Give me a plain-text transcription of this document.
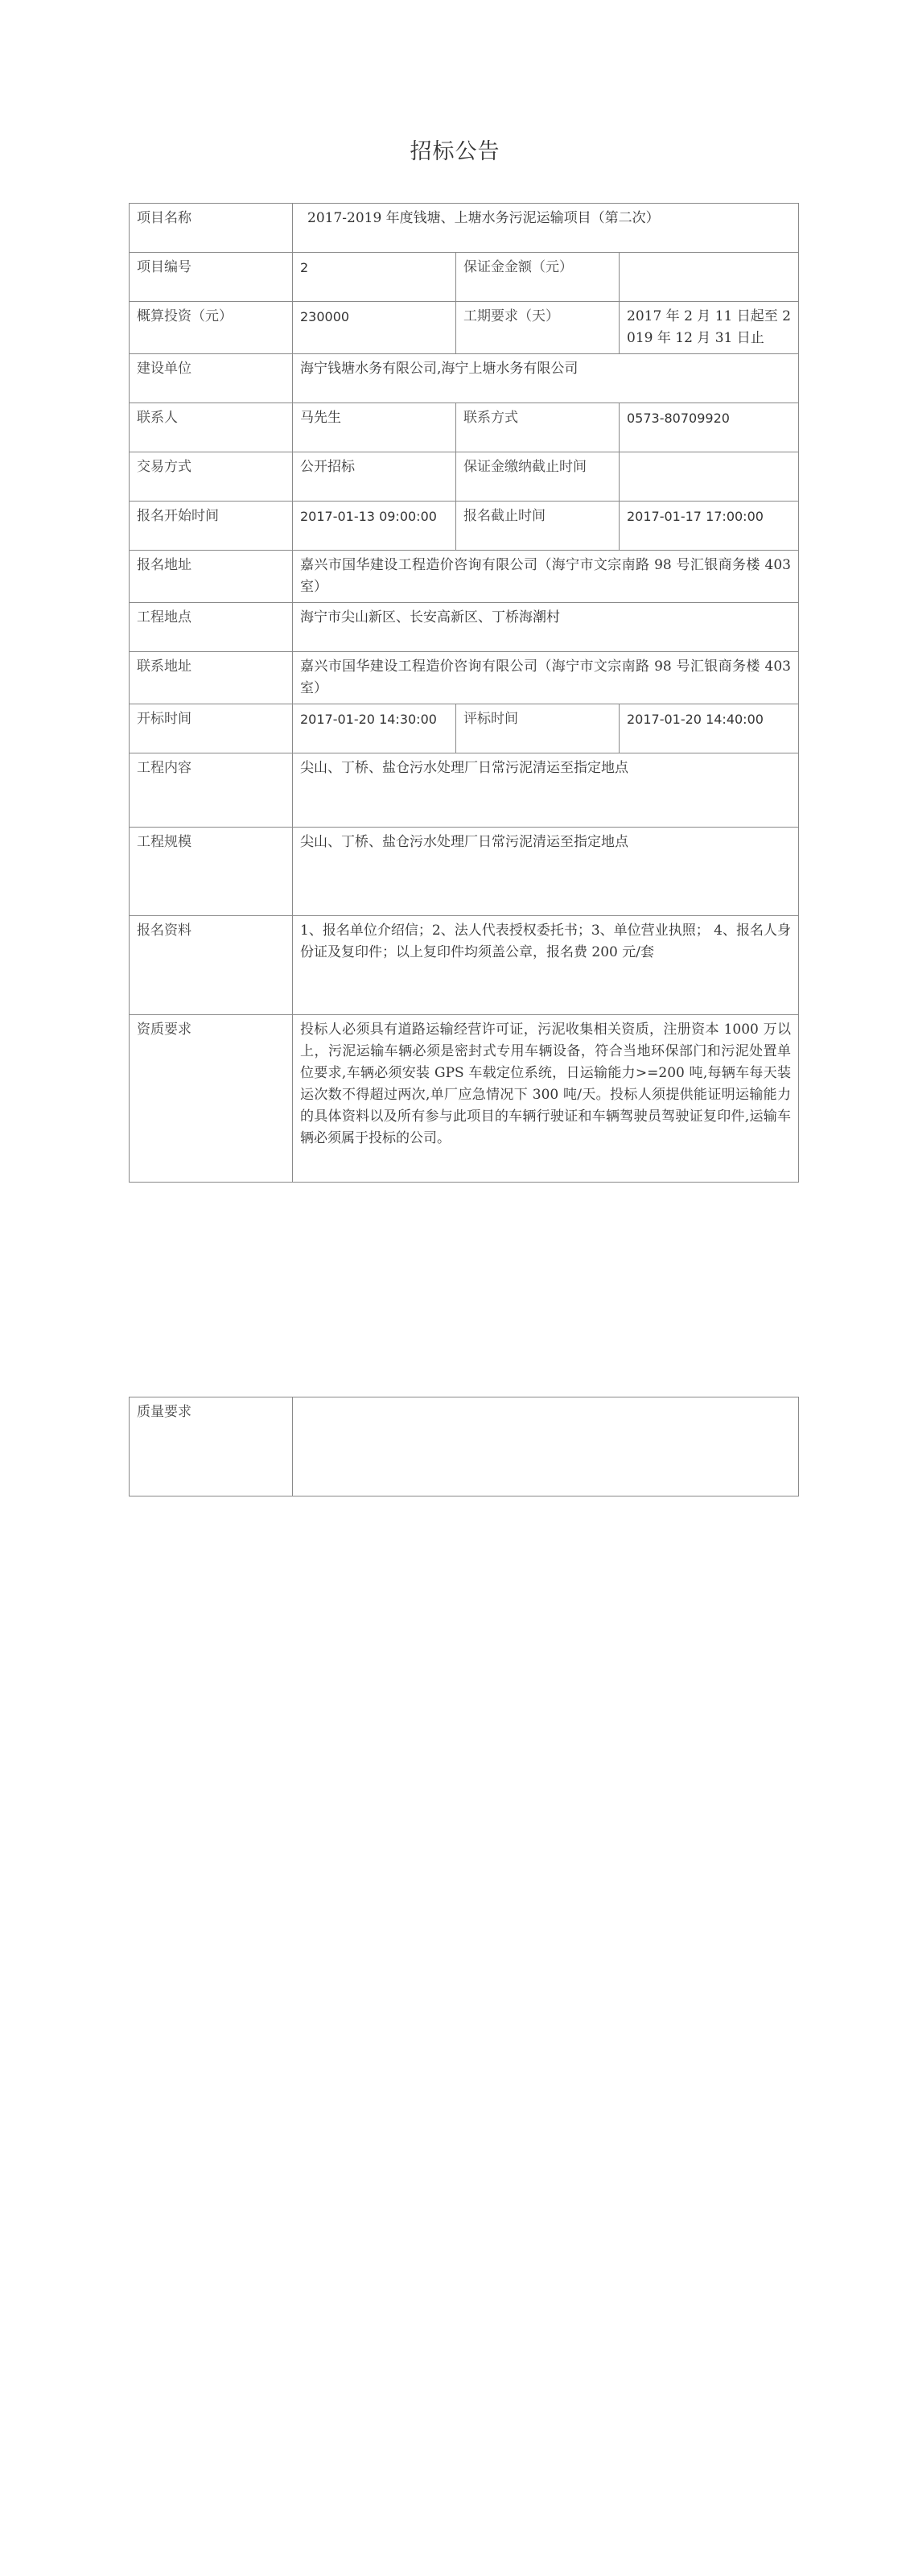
招标公告
项目名称	2017-2019 年度钱塘、上塘水务污泥运输项目（第二次）		
项目编号	2	保证金金额（元）	
概算投资（元）	230000	工期要求（天）	2017 年 2 月 11 日起至 2019 年 12 月 31 日止
建设单位	海宁钱塘水务有限公司,海宁上塘水务有限公司		
联系人	马先生	联系方式	0573-80709920
交易方式	公开招标	保证金缴纳截止时间	
报名开始时间	2017-01-13 09:00:00	报名截止时间	2017-01-17 17:00:00
报名地址	嘉兴市国华建设工程造价咨询有限公司（海宁市文宗南路 98 号汇银商务楼 403 室）		
工程地点	海宁市尖山新区、长安高新区、丁桥海潮村		
联系地址	嘉兴市国华建设工程造价咨询有限公司（海宁市文宗南路 98 号汇银商务楼 403 室）		
开标时间	2017-01-20 14:30:00	评标时间	2017-01-20 14:40:00
工程内容	尖山、丁桥、盐仓污水处理厂日常污泥清运至指定地点		
工程规模	尖山、丁桥、盐仓污水处理厂日常污泥清运至指定地点		
报名资料	1、报名单位介绍信；2、法人代表授权委托书；3、单位营业执照； 4、报名人身份证及复印件；以上复印件均须盖公章，报名费 200 元/套		
资质要求	投标人必须具有道路运输经营许可证，污泥收集相关资质，注册资本 1000 万以上，污泥运输车辆必须是密封式专用车辆设备，符合当地环保部门和污泥处置单位要求,车辆必须安装 GPS 车载定位系统，日运输能力>=200 吨,每辆车每天装运次数不得超过两次,单厂应急情况下 300 吨/天。投标人须提供能证明运输能力的具体资料以及所有参与此项目的车辆行驶证和车辆驾驶员驾驶证复印件,运输车辆必须属于投标的公司。		
质量要求	
